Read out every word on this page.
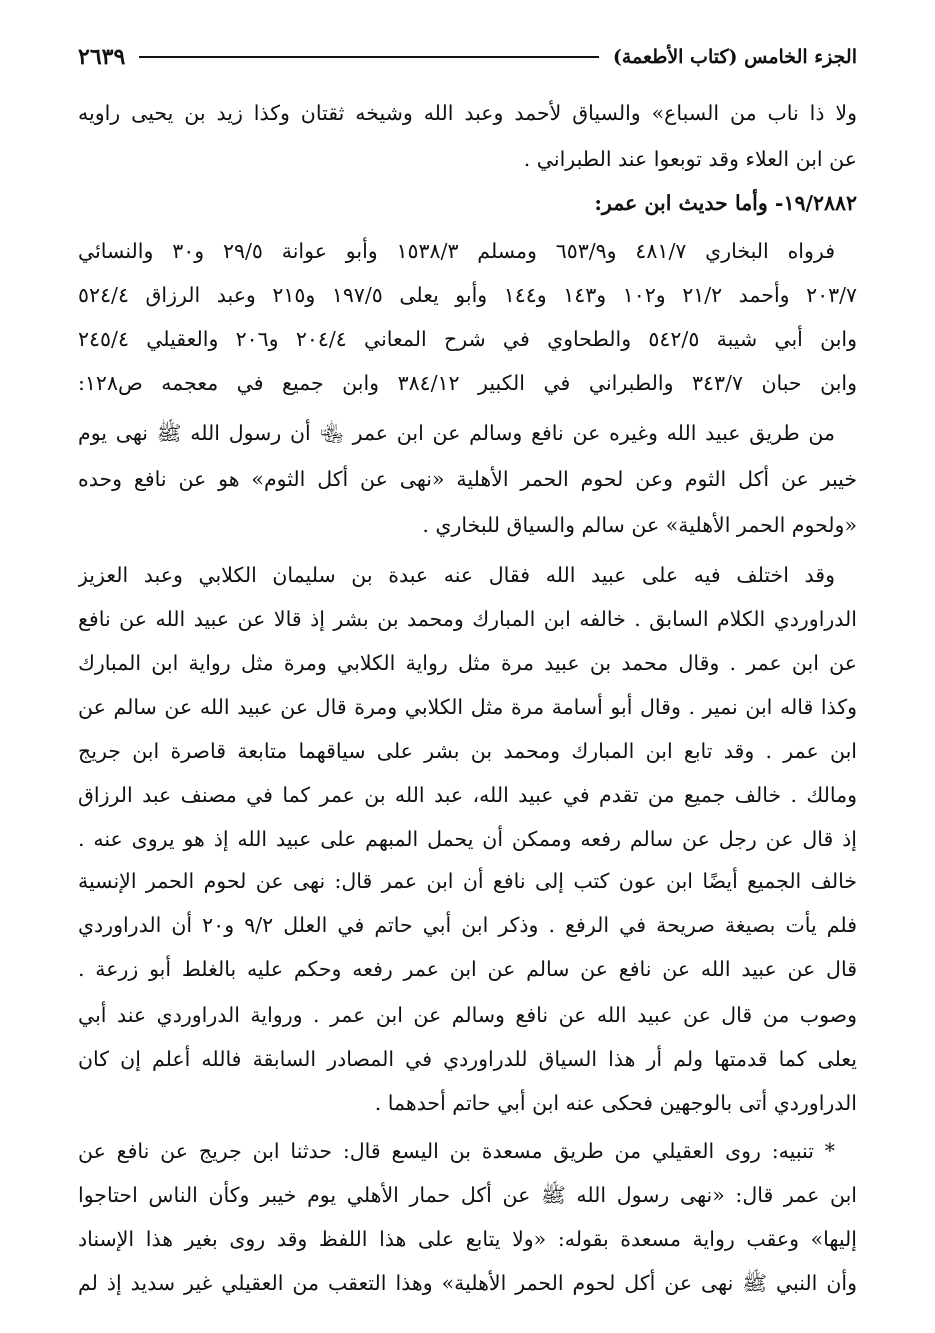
الجزء الخامس (كتاب الأطعمة)
٢٦٣٩
ولا ذا ناب من السباع» والسياق لأحمد وعبد الله وشيخه ثقتان وكذا زيد بن يحيى راويه
عن ابن العلاء وقد توبعوا عند الطبراني .
١٩/٢٨٨٢- وأما حديث ابن عمر:
فرواه البخاري ٤٨١/٧ و٦٥٣/٩ ومسلم ١٥٣٨/٣ وأبو عوانة ٢٩/٥ و٣٠ والنسائي
٢٠٣/٧ وأحمد ٢١/٢ و١٠٢ و١٤٣ و١٤٤ وأبو يعلى ١٩٧/٥ و٢١٥ وعبد الرزاق ٥٢٤/٤
وابن أبي شيبة ٥٤٢/٥ والطحاوي في شرح المعاني ٢٠٤/٤ و٢٠٦ والعقيلي ٢٤٥/٤
وابن حبان ٣٤٣/٧ والطبراني في الكبير ٣٨٤/١٢ وابن جميع في معجمه ص١٢٨:
من طريق عبيد الله وغيره عن نافع وسالم عن ابن عمر ﵄ أن رسول الله ﷺ نهى يوم
خيبر عن أكل الثوم وعن لحوم الحمر الأهلية «نهى عن أكل الثوم» هو عن نافع وحده
«ولحوم الحمر الأهلية» عن سالم والسياق للبخاري .
وقد اختلف فيه على عبيد الله فقال عنه عبدة بن سليمان الكلابي وعبد العزيز
الدراوردي الكلام السابق . خالفه ابن المبارك ومحمد بن بشر إذ قالا عن عبيد الله عن نافع
عن ابن عمر . وقال محمد بن عبيد مرة مثل رواية الكلابي ومرة مثل رواية ابن المبارك
وكذا قاله ابن نمير . وقال أبو أسامة مرة مثل الكلابي ومرة قال عن عبيد الله عن سالم عن
ابن عمر . وقد تابع ابن المبارك ومحمد بن بشر على سياقهما متابعة قاصرة ابن جريج
ومالك . خالف جميع من تقدم في عبيد الله، عبد الله بن عمر كما في مصنف عبد الرزاق
إذ قال عن رجل عن سالم رفعه وممكن أن يحمل المبهم على عبيد الله إذ هو يروى عنه .
خالف الجميع أيضًا ابن عون كتب إلى نافع أن ابن عمر قال: نهى عن لحوم الحمر الإنسية
فلم يأت بصيغة صريحة في الرفع . وذكر ابن أبي حاتم في العلل ٩/٢ و٢٠ أن الدراوردي
قال عن عبيد الله عن نافع عن سالم عن ابن عمر رفعه وحكم عليه بالغلط أبو زرعة .
وصوب من قال عن عبيد الله عن نافع وسالم عن ابن عمر . ورواية الدراوردي عند أبي
يعلى كما قدمتها ولم أر هذا السياق للدراوردي في المصادر السابقة فالله أعلم إن كان
الدراوردي أتى بالوجهين فحكى عنه ابن أبي حاتم أحدهما .
* تنبيه: روى العقيلي من طريق مسعدة بن اليسع قال: حدثنا ابن جريج عن نافع عن
ابن عمر قال: «نهى رسول الله ﷺ عن أكل حمار الأهلي يوم خيبر وكأن الناس احتاجوا
إليها» وعقب رواية مسعدة بقوله: «ولا يتابع على هذا اللفظ وقد روى بغير هذا الإسناد
وأن النبي ﷺ نهى عن أكل لحوم الحمر الأهلية» وهذا التعقب من العقيلي غير سديد إذ لم
